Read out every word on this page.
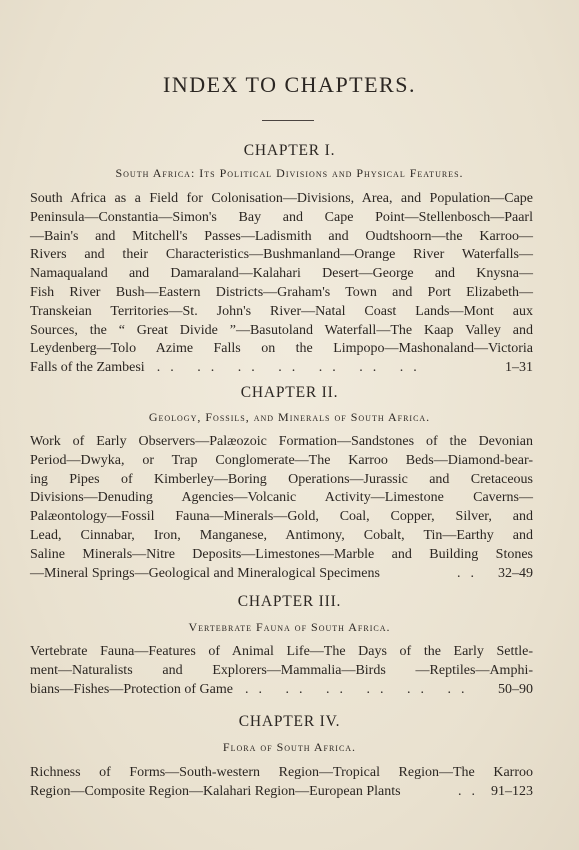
INDEX TO CHAPTERS.
CHAPTER I.
South Africa: Its Political Divisions and Physical Features.
South Africa as a Field for Colonisation—Divisions, Area, and Population—Cape
Peninsula—Constantia—Simon's Bay and Cape Point—Stellenbosch—Paarl
—Bain's and Mitchell's Passes—Ladismith and Oudtshoorn—the Karroo—
Rivers and their Characteristics—Bushmanland—Orange River Waterfalls—
Namaqualand and Damaraland—Kalahari Desert—George and Knysna—
Fish River Bush—Eastern Districts—Graham's Town and Port Elizabeth—
Transkeian Territories—St. John's River—Natal Coast Lands—Mont aux
Sources, the “ Great Divide ”—Basutoland Waterfall—The Kaap Valley and
Leydenberg—Tolo Azime Falls on the Limpopo—Mashonaland—Victoria
Falls of the Zambesi .. .. .. .. .. .. ..	1–31
CHAPTER II.
Geology, Fossils, and Minerals of South Africa.
Work of Early Observers—Palæozoic Formation—Sandstones of the Devonian
Period—Dwyka, or Trap Conglomerate—The Karroo Beds—Diamond-bear-
ing Pipes of Kimberley—Boring Operations—Jurassic and Cretaceous
Divisions—Denuding Agencies—Volcanic Activity—Limestone Caverns—
Palæontology—Fossil Fauna—Minerals—Gold, Coal, Copper, Silver, and
Lead, Cinnabar, Iron, Manganese, Antimony, Cobalt, Tin—Earthy and
Saline Minerals—Nitre Deposits—Limestones—Marble and Building Stones
—Mineral Springs—Geological and Mineralogical Specimens	..	32–49
CHAPTER III.
Vertebrate Fauna of South Africa.
Vertebrate Fauna—Features of Animal Life—The Days of the Early Settle-
ment—Naturalists and Explorers—Mammalia—Birds —Reptiles—Amphi-
bians—Fishes—Protection of Game .. .. .. .. .. ..	50–90
CHAPTER IV.
Flora of South Africa.
Richness of Forms—South-western Region—Tropical Region—The Karroo
Region—Composite Region—Kalahari Region—European Plants	.. 91–123
